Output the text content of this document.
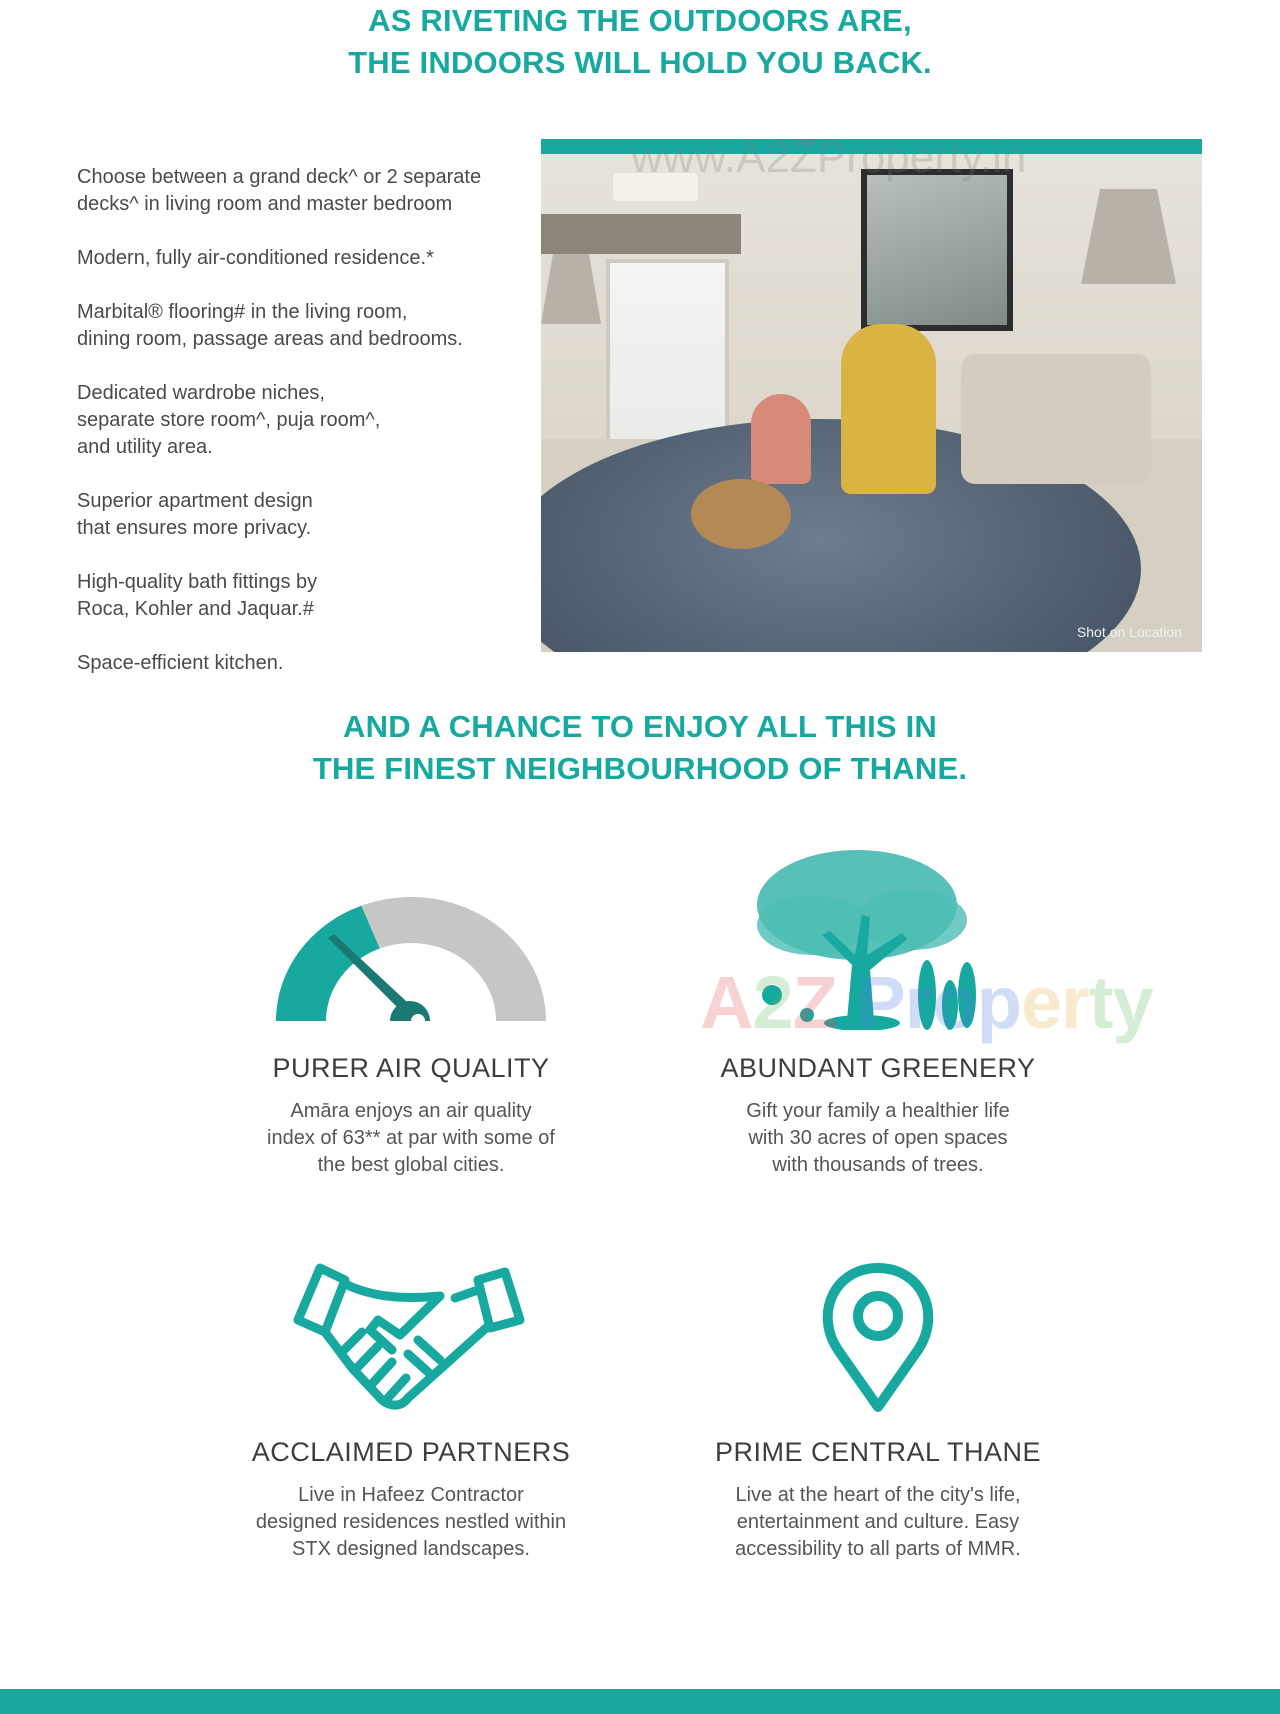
AS RIVETING THE OUTDOORS ARE,
THE INDOORS WILL HOLD YOU BACK.

Choose between a grand deck^ or 2 separate
decks^ in living room and master bedroom

Modern, fully air-conditioned residence.*

Marbital® flooring# in the living room,
dining room, passage areas and bedrooms.

Dedicated wardrobe niches,
separate store room^, puja room^,
and utility area.

Superior apartment design
that ensures more privacy.

High-quality bath fittings by
Roca, Kohler and Jaquar.#

Space-efficient kitchen.

www.A2ZProperty.in
Shot on Location
AND A CHANCE TO ENJOY ALL THIS IN
THE FINEST NEIGHBOURHOOD OF THANE.
A2Z Property
PURER AIR QUALITY
Amāra enjoys an air quality
index of 63** at par with some of
the best global cities.
ABUNDANT GREENERY
Gift your family a healthier life
with 30 acres of open spaces
with thousands of trees.
ACCLAIMED PARTNERS
Live in Hafeez Contractor
designed residences nestled within
STX designed landscapes.
PRIME CENTRAL THANE
Live at the heart of the city's life,
entertainment and culture. Easy
accessibility to all parts of MMR.
